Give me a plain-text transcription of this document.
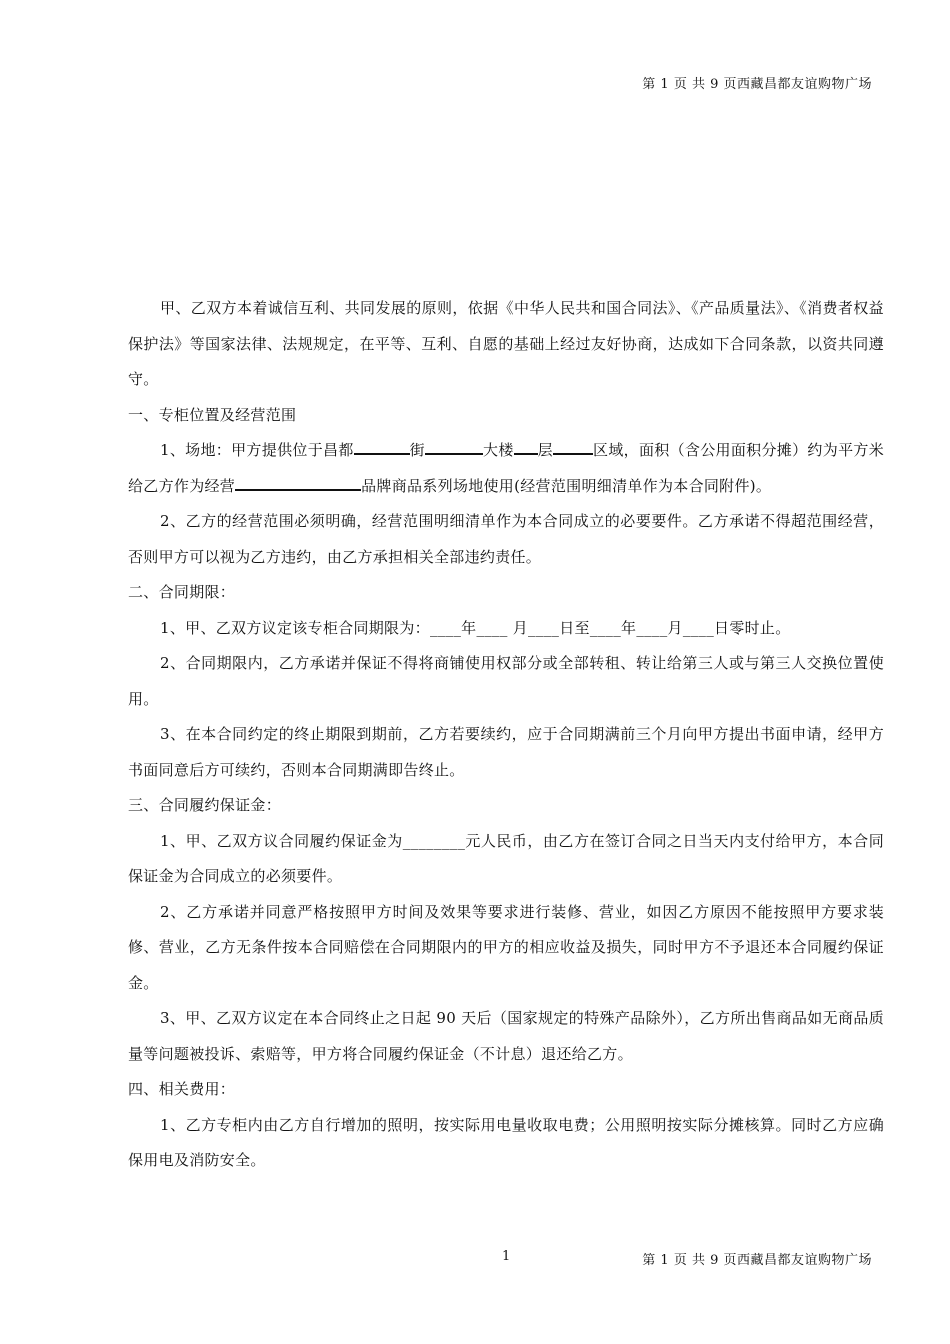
第 1 页 共 9 页西藏昌都友谊购物广场

甲、乙双方本着诚信互利、共同发展的原则，依据《中华人民共和国合同法》、《产品质量法》、《消费者权益保护法》等国家法律、法规规定，在平等、互利、自愿的基础上经过友好协商，达成如下合同条款，以资共同遵守。

一、专柜位置及经营范围

1、场地：甲方提供位于昌都	街	大楼 层	区域，面积（含公用面积分摊）约为平方米给乙方作为经营	品牌商品系列场地使用(经营范围明细清单作为本合同附件)。

2、乙方的经营范围必须明确，经营范围明细清单作为本合同成立的必要要件。乙方承诺不得超范围经营，否则甲方可以视为乙方违约，由乙方承担相关全部违约责任。

二、合同期限：

1、甲、乙双方议定该专柜合同期限为：____年____ 月____日至____年____月____日零时止。

2、合同期限内，乙方承诺并保证不得将商铺使用权部分或全部转租、转让给第三人或与第三人交换位置使用。

3、在本合同约定的终止期限到期前，乙方若要续约，应于合同期满前三个月向甲方提出书面申请，经甲方书面同意后方可续约，否则本合同期满即告终止。

三、合同履约保证金：

1、甲、乙双方议合同履约保证金为________元人民币，由乙方在签订合同之日当天内支付给甲方，本合同保证金为合同成立的必须要件。

2、乙方承诺并同意严格按照甲方时间及效果等要求进行装修、营业，如因乙方原因不能按照甲方要求装修、营业，乙方无条件按本合同赔偿在合同期限内的甲方的相应收益及损失，同时甲方不予退还本合同履约保证金。

3、甲、乙双方议定在本合同终止之日起 90 天后（国家规定的特殊产品除外），乙方所出售商品如无商品质量等问题被投诉、索赔等，甲方将合同履约保证金（不计息）退还给乙方。

四、相关费用：

1、乙方专柜内由乙方自行增加的照明，按实际用电量收取电费；公用照明按实际分摊核算。同时乙方应确保用电及消防安全。

1	第 1 页 共 9 页西藏昌都友谊购物广场
